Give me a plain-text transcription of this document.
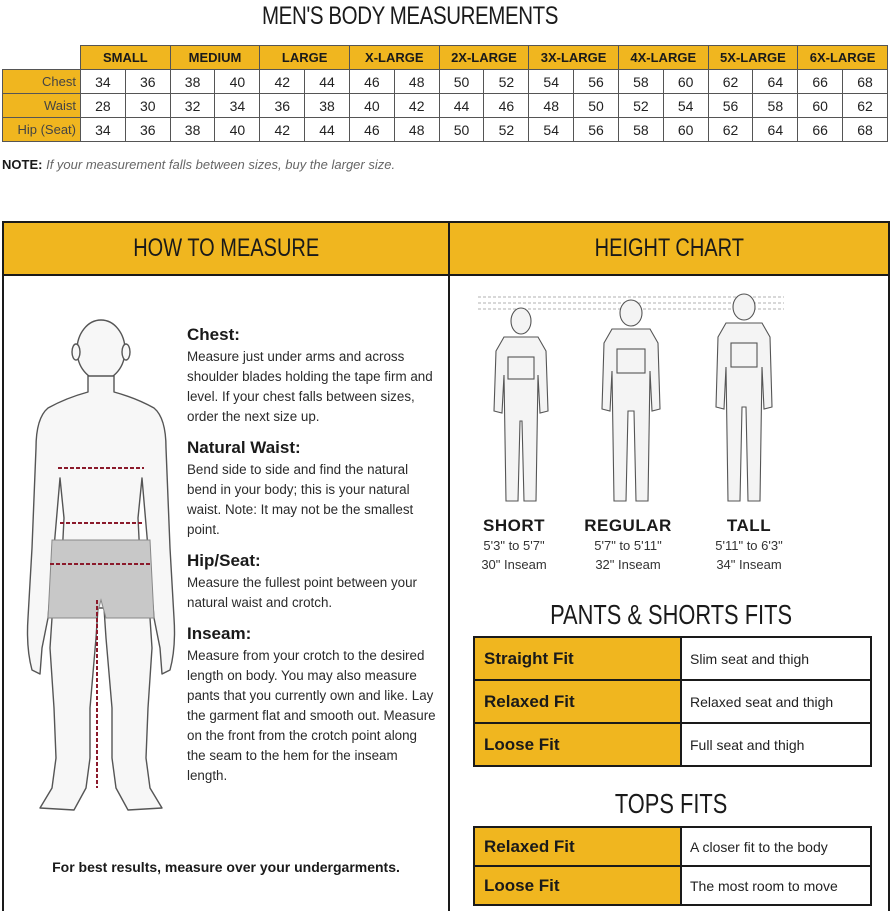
MEN'S BODY MEASUREMENTS
	SMALL		MEDIUM		LARGE		X-LARGE		2X-LARGE		3X-LARGE		4X-LARGE		5X-LARGE		6X-LARGE	
Chest	34	36	38	40	42	44	46	48	50	52	54	56	58	60	62	64	66	68
Waist	28	30	32	34	36	38	40	42	44	46	48	50	52	54	56	58	60	62
Hip (Seat)	34	36	38	40	42	44	46	48	50	52	54	56	58	60	62	64	66	68
NOTE: If your measurement falls between sizes, buy the larger size.
HOW TO MEASURE	HEIGHT CHART
Chest:
Measure just under arms and across shoulder blades holding the tape firm and level. If your chest falls between sizes, order the next size up.
Natural Waist:
Bend side to side and find the natural bend in your body; this is your natural waist. Note: It may not be the smallest point.
Hip/Seat:
Measure the fullest point between your natural waist and crotch.
Inseam:
Measure from your crotch to the desired length on body. You may also measure pants that you currently own and like. Lay the garment flat and smooth out. Measure on the front from the crotch point along the seam to the hem for the inseam length.
For best results, measure over your undergarments.
SHORT
5'3" to 5'7"
30" Inseam
REGULAR
5'7" to 5'11"
32" Inseam
TALL
5'11" to 6'3"
34" Inseam
PANTS & SHORTS FITS
Straight Fit	Slim seat and thigh
Relaxed Fit	Relaxed seat and thigh
Loose Fit	Full seat and thigh
TOPS FITS
Relaxed Fit	A closer fit to the body
Loose Fit	The most room to move
